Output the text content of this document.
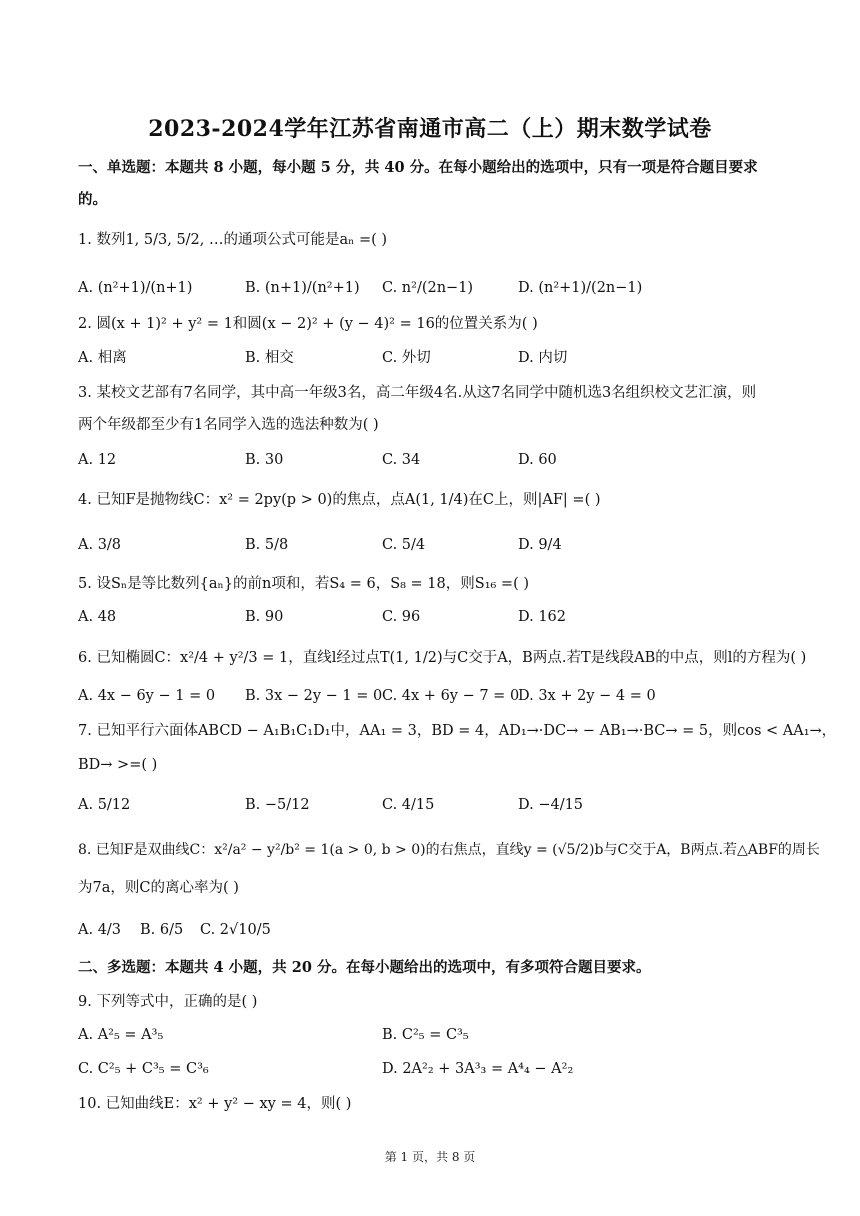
2023-2024学年江苏省南通市高二（上）期末数学试卷
一、单选题：本题共 8 小题，每小题 5 分，共 40 分。在每小题给出的选项中，只有一项是符合题目要求
的。
1. 数列1, 5/3, 5/2, …的通项公式可能是aₙ =( )
A. (n²+1)/(n+1)	B. (n+1)/(n²+1) C. n²/(2n−1)	D. (n²+1)/(2n−1)
2. 圆(x + 1)² + y² = 1和圆(x − 2)² + (y − 4)² = 16的位置关系为( )
A. 相离	B. 相交	C. 外切	D. 内切
3. 某校文艺部有7名同学，其中高一年级3名，高二年级4名.从这7名同学中随机选3名组织校文艺汇演，则
两个年级都至少有1名同学入选的选法种数为( )
A. 12	B. 30	C. 34	D. 60
4. 已知F是抛物线C：x² = 2py(p > 0)的焦点，点A(1, 1/4)在C上，则|AF| =( )
A. 3/8	B. 5/8	C. 5/4	D. 9/4
5. 设Sₙ是等比数列{aₙ}的前n项和，若S₄ = 6，S₈ = 18，则S₁₆ =( )
A. 48	B. 90	C. 96	D. 162
6. 已知椭圆C：x²/4 + y²/3 = 1，直线l经过点T(1, 1/2)与C交于A，B两点.若T是线段AB的中点，则l的方程为( )
A. 4x − 6y − 1 = 0 B. 3x − 2y − 1 = 0 C. 4x + 6y − 7 = 0
D. 3x + 2y − 4 = 0
7. 已知平行六面体ABCD − A₁B₁C₁D₁中，AA₁ = 3，BD = 4，AD₁→·DC→ − AB₁→·BC→ = 5，则cos < AA₁→，
BD→ >=( )
A. 5/12	B. −5/12	C. 4/15	D. −4/15
8. 已知F是双曲线C：x²/a² − y²/b² = 1(a > 0, b > 0)的右焦点，直线y = (√5/2)b与C交于A，B两点.若△ABF的周长
为7a，则C的离心率为( )
A. 4/3 B. 6/5 C. 2√10/5
二、多选题：本题共 4 小题，共 20 分。在每小题给出的选项中，有多项符合题目要求。
9. 下列等式中，正确的是( )
A. A²₅ = A³₅	B. C²₅ = C³₅
C. C²₅ + C³₅ = C³₆	D. 2A²₂ + 3A³₃ = A⁴₄ − A²₂
10. 已知曲线E：x² + y² − xy = 4，则( )
第 1 页，共 8 页
